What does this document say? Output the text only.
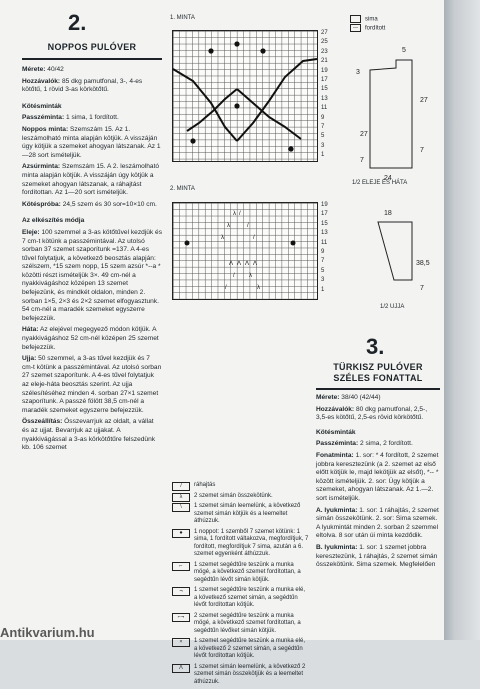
2.
NOPPOS PULÓVER

Mérete: 40/42

Hozzávalók: 85 dkg pamutfonal, 3-, 4-es kötőtű, 1 rövid 3-as körkötőtű.

Kötésminták

Passzéminta: 1 sima, 1 fordított.

Noppos minta: Szemszám 15. Az 1. leszámolható minta alapján kötjük. A visszáján úgy kötjük a szemeket ahogyan látszanak. Az 1—28 sort ismételjük.

Azsúrminta: Szemszám 15. A 2. leszámolható minta alapján kötjük. A visszáján úgy kötjük a szemeket ahogyan látszanak, a ráhajtást fordítottan. Az 1—20 sort ismételjük.

Kötéspróba: 24,5 szem és 30 sor=10×10 cm.

Az elkészítés módja

Eleje: 100 szemmel a 3-as kötőtűvel kezdjük és 7 cm-t kötünk a passzémintával. Az utolsó sorban 37 szemet szaporítunk =137. A 4-es tűvel folytatjuk, a következő beosztás alapján: szélszem, *15 szem nopp, 15 szem azsúr *--a * közötti részt ismételjük 3×. 49 cm-nél a nyakkivágáshoz középen 13 szemet befejezünk, és mindkét oldalon, minden 2. sorban 1×5, 2×3 és 2×2 szemet elfogyasztunk. 54 cm-nél a maradék szemeket egyszerre befejezzük.

Háta: Az elejével megegyező módon kötjük. A nyakkivágáshoz 52 cm-nél középen 25 szemet befejezzük.

Ujja: 50 szemmel, a 3-as tűvel kezdjük és 7 cm-t kötünk a passzémintával. Az utolsó sorban 27 szemet szaporítunk. A 4-es tűvel folytatjuk az eleje-háta beosztás szerint. Az ujja szélesítéséhez minden 4. sorban 27×1 szemet szaporítunk. A passzé fölött 38,5 cm-nél a maradék szemeket egyszerre befejezzük.

Összeállítás: Összevarrjuk az oldalt, a vállat és az ujjat. Bevarrjuk az ujjakat. A nyakkivágással a 3-as körkötőtűre felszedünk kb. 106 szemet

1. MINTA
27
25
23
21
19
17
15
13
11
9
7
5
3
1
sima
— fordított
5
3
27
7
27
7
24
38,5
7
18
1/2 ELEJE ÉS HÁTA
1/2 UJJA
2. MINTA
λ /
λ	/
λ	/
Λ Λ Λ Λ
/ λ
/	λ
19
17
15
13
11
9
7
5
3
1
/	ráhajtás
λ	2 szemet simán összekötünk.
\	1 szemet simán leemelünk, a következő szemet simán kötjük és a leemeltet áthúzzuk.
●	1 noppot: 1 szemből 7 szemet kötünk: 1 sima, 1 fordított váltakozva, megfordítjuk, 7 fordított, megfordítjuk 7 sima, azután a 6. szemet egyenként áthúzzuk.
⌐	1 szemet segédtűre teszünk a munka mögé, a következő szemet fordítottan, a segédtűn lévőt simán kötjük.
¬	1 szemet segédtűre teszünk a munka elé, a következő szemet simán, a segédtűn lévőt fordítottan kötjük.
⌐¬	2 szemet segédtűre teszünk a munka mögé, a következő szemet fordítottan, a segédtűn lévőket simán kötjük.
×	1 szemet segédtűre teszünk a munka elé, a következő 2 szemet simán, a segédtűn lévőt fordítottan kötjük.
Λ	1 szemet simán leemelünk, a következő 2 szemet simán összekötjük és a leemeltet áthúzzuk.
3.
TÜRKISZ PULÓVER SZÉLES FONATTAL

Mérete: 38/40 (42/44)

Hozzávalók: 80 dkg pamutfonal, 2,5-, 3,5-es kötőtű, 2,5-es rövid körkötőtű.

Kötésminták

Passzéminta: 2 sima, 2 fordított.

Fonatminta: 1. sor: * 4 fordított, 2 szemet jobbra keresztezünk (a 2. szemet az első előtt kötjük le, majd lekötjük az elsőt), *-- * között ismételjük. 2. sor: Úgy kötjük a szemeket, ahogyan látszanak. Az 1.—2. sort ismételjük.

A. lyukminta: 1. sor: 1 ráhajtás, 2 szemet simán összekötünk. 2. sor: Sima szemek. A lyukmintát minden 2. sorban 2 szemmel eltolva. 8 sor után úi minta kezdődik.

B. lyukminta: 1. sor: 1 szemet jobbra keresztezünk, 1 ráhajtás, 2 szemet simán összekötünk. Sima szemek. Megfelelően

Antikvarium.hu
